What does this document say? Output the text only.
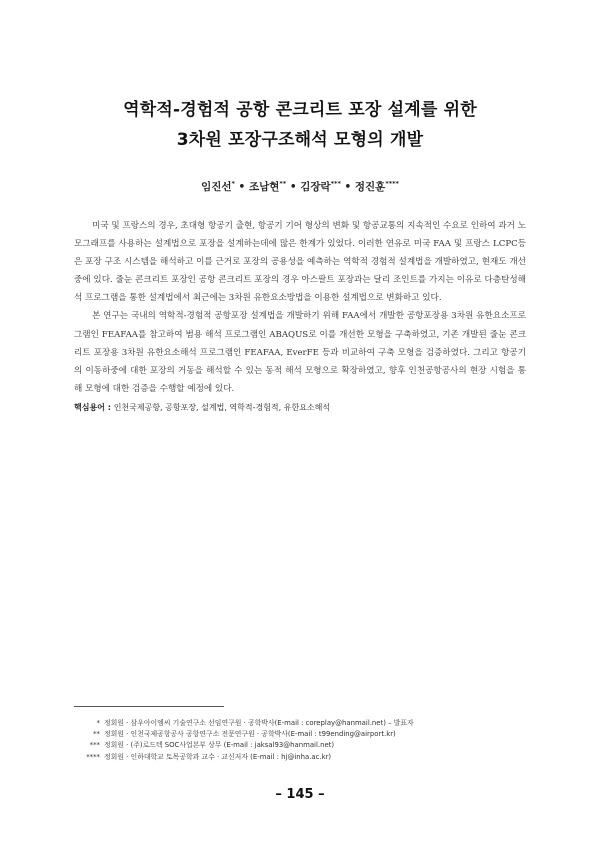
역학적-경험적 공항 콘크리트 포장 설계를 위한
3차원 포장구조해석 모형의 개발
임진선* • 조남현** • 김장락*** • 정진훈****

미국 및 프랑스의 경우, 초대형 항공기 출현, 항공기 기어 형상의 변화 및 항공교통의 지속적인 수요로 인하여 과거 노모그래프를 사용하는 설계법으로 포장을 설계하는데에 많은 한계가 있었다. 이러한 연유로 미국 FAA 및 프랑스 LCPC등은 포장 구조 시스템을 해석하고 이를 근거로 포장의 공용성을 예측하는 역학적 경험적 설계법을 개발하였고, 현재도 개선 중에 있다. 줄눈 콘크리트 포장인 공항 콘크리트 포장의 경우 아스팔트 포장과는 달리 조인트를 가지는 이유로 다층탄성해석 프로그램을 통한 설계법에서 최근에는 3차원 유한요소방법을 이용한 설계법으로 변화하고 있다.

본 연구는 국내의 역학적-경험적 공항포장 설계법을 개발하기 위해 FAA에서 개발한 공항포장용 3차원 유한요소프로그램인 FEAFAA를 참고하여 범용 해석 프로그램인 ABAQUS로 이를 개선한 모형을 구축하였고, 기존 개발된 줄눈 콘크리트 포장용 3차원 유한요소해석 프로그램인 FEAFAA, EverFE 등과 비교하여 구축 모형을 검증하였다. 그리고 항공기의 이동하중에 대한 포장의 거동을 해석할 수 있는 동적 해석 모형으로 확장하였고, 향후 인천공항공사의 현장 시험을 통해 모형에 대한 검증을 수행할 예정에 있다.

핵심용어 : 인천국제공항, 공항포장, 설계법, 역학적-경험적, 유한요소해석
* 정회원 · 삼우아이엠씨 기술연구소 선임연구원 · 공학박사(E-mail : coreplay@hanmail.net) – 발표자
** 정회원 · 인천국제공항공사 공항연구소 전문연구원 · 공학박사(E-mail : t99ending@airport.kr)
*** 정회원 · (주)로드텍 SOC사업본부 상무 (E-mail : jaksal93@hanmail.net)
**** 정회원 · 인하대학교 토목공학과 교수 · 교신저자 (E-mail : hj@inha.ac.kr)
– 145 –
